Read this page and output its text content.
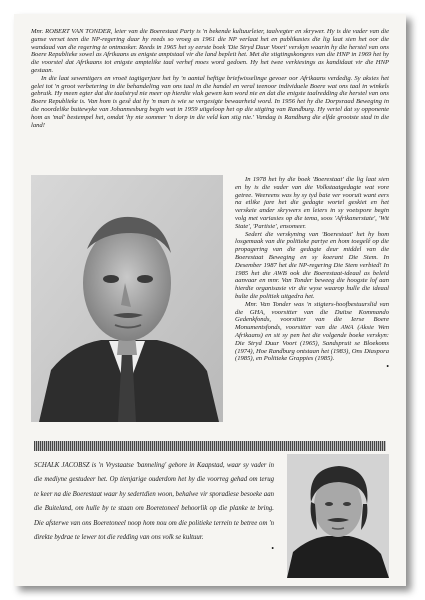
Mnr. ROBERT VAN TONDER, leier van die Boerestaat Party is 'n bekende kultuurleier, taalvegter en skrywer. Hy is die vader van die gunse verset teen die NP-regering daar hy reeds so vroeg as 1961 die NP verlaat het en publikasies die lig laat sien het oor die wandaad van die regering te ontmasker. Reeds in 1965 het sy eerste boek 'Die Stryd Duur Voort' verskyn waarin hy die herstel van ons Boere Republieke sowel as Afrikaans as enigste amptstaal vir die land bepleit het. Met die stigtingskongres van die HNP in 1969 het hy die voorstel dat Afrikaans tot enigste amptelike taal verhef moes word gedoen. Hy het twee verkiesings as kandidaat vir die HNP gestaan.

In die laat sewentigers en vroeë tagtigerjare het hy 'n aantal heftige briefwisselinge gevoer oor Afrikaans verdedig. Sy aksies het gelei tot 'n groot verbetering in die behandeling van ons taal in die handel en veral teenoor individuele Boere wat ons taal in winkels gebruik. Hy meen egter dat die taalstryd nie meer op hierdie vlak gewen kan word nie en dat die enigste taalredding die herstel van ons Boere Republieke is. Van hom is gesê dat hy 'n man is wie se vergesigte bewaarheid word. In 1956 het hy die Dorpsraad Beweging in die noordelike buitewyke van Johannesburg begin wat in 1959 uitgeloop het op die stigting van Randburg. Hy vertel dat sy opponente hom as 'mal' bestempel het, omdat 'hy nie sommer 'n dorp in die veld kan stig nie.' Vandag is Randburg die elfde grootste stad in die land!

In 1978 het hy die boek 'Boerestaat' die lig laat sien en hy is die vader van die Volkstaatgedagte wat vore getree. Weereens was hy sy tyd baie ver vooruit want eers na etlike jare het die gedagte wortel geskiet en het verskeie ander skrywers en leiers in sy voetspore begin volg met variasies op die tema, soos 'Afrikanerstate', 'Wit State', 'Partisie', ensomeer.

Sedert die verskyning van 'Boerestaat' het hy hom losgemaak van die politieke partye en hom toegelê op die propagering van die gedagte deur middel van die Boerestaat Beweging en sy koerant Die Stem. In Desember 1987 het die NP-regering Die Stem verbied! In 1985 het die AWB ook die Boerestaat-ideaal as beleid aanvaar en mnr. Van Tonder beweeg die hoogste lof aan hierdie organisasie vir die wyse waarop hulle die ideaal bulte die politiek uitgedra het.

Mnr. Van Tonder was 'n stigters-hoofbestuurslid van die GHA, voorsitter van die Duitse Kommando Gedenkfonds, voorsitter van die Ierse Boere Monumentsfonds, voorsitter van die AWA (Aksie Wen Afrikaans) en sit sy pen het die volgende boeke verskyn: Die Stryd Duur Voort (1965), Sandspruit se Bloekoms (1974), Hoe Randburg ontstaan het (1983), Ons Diaspora (1985), en Politieke Grappies (1985).

•

SCHALK JACOBSZ is 'n Vrystaatse 'banneling' gebore in Kaapstad, waar sy vader in die mediyne gestudeer het. Op tienjarige ouderdom het hy die voorreg gehad om terug te keer na die Boerestaat waar hy sedertdien woon, behalwe vir sporadiese besoeke aan die Buiteland, om hulle by te staan om Boeretoneel behoorlik op die planke te bring. Die afsterwe van ons Boeretoneel noop hom nou om die politieke terrein te betree om 'n direkte bydrae te lewer tot die redding van ons volk se kultuur.

•
